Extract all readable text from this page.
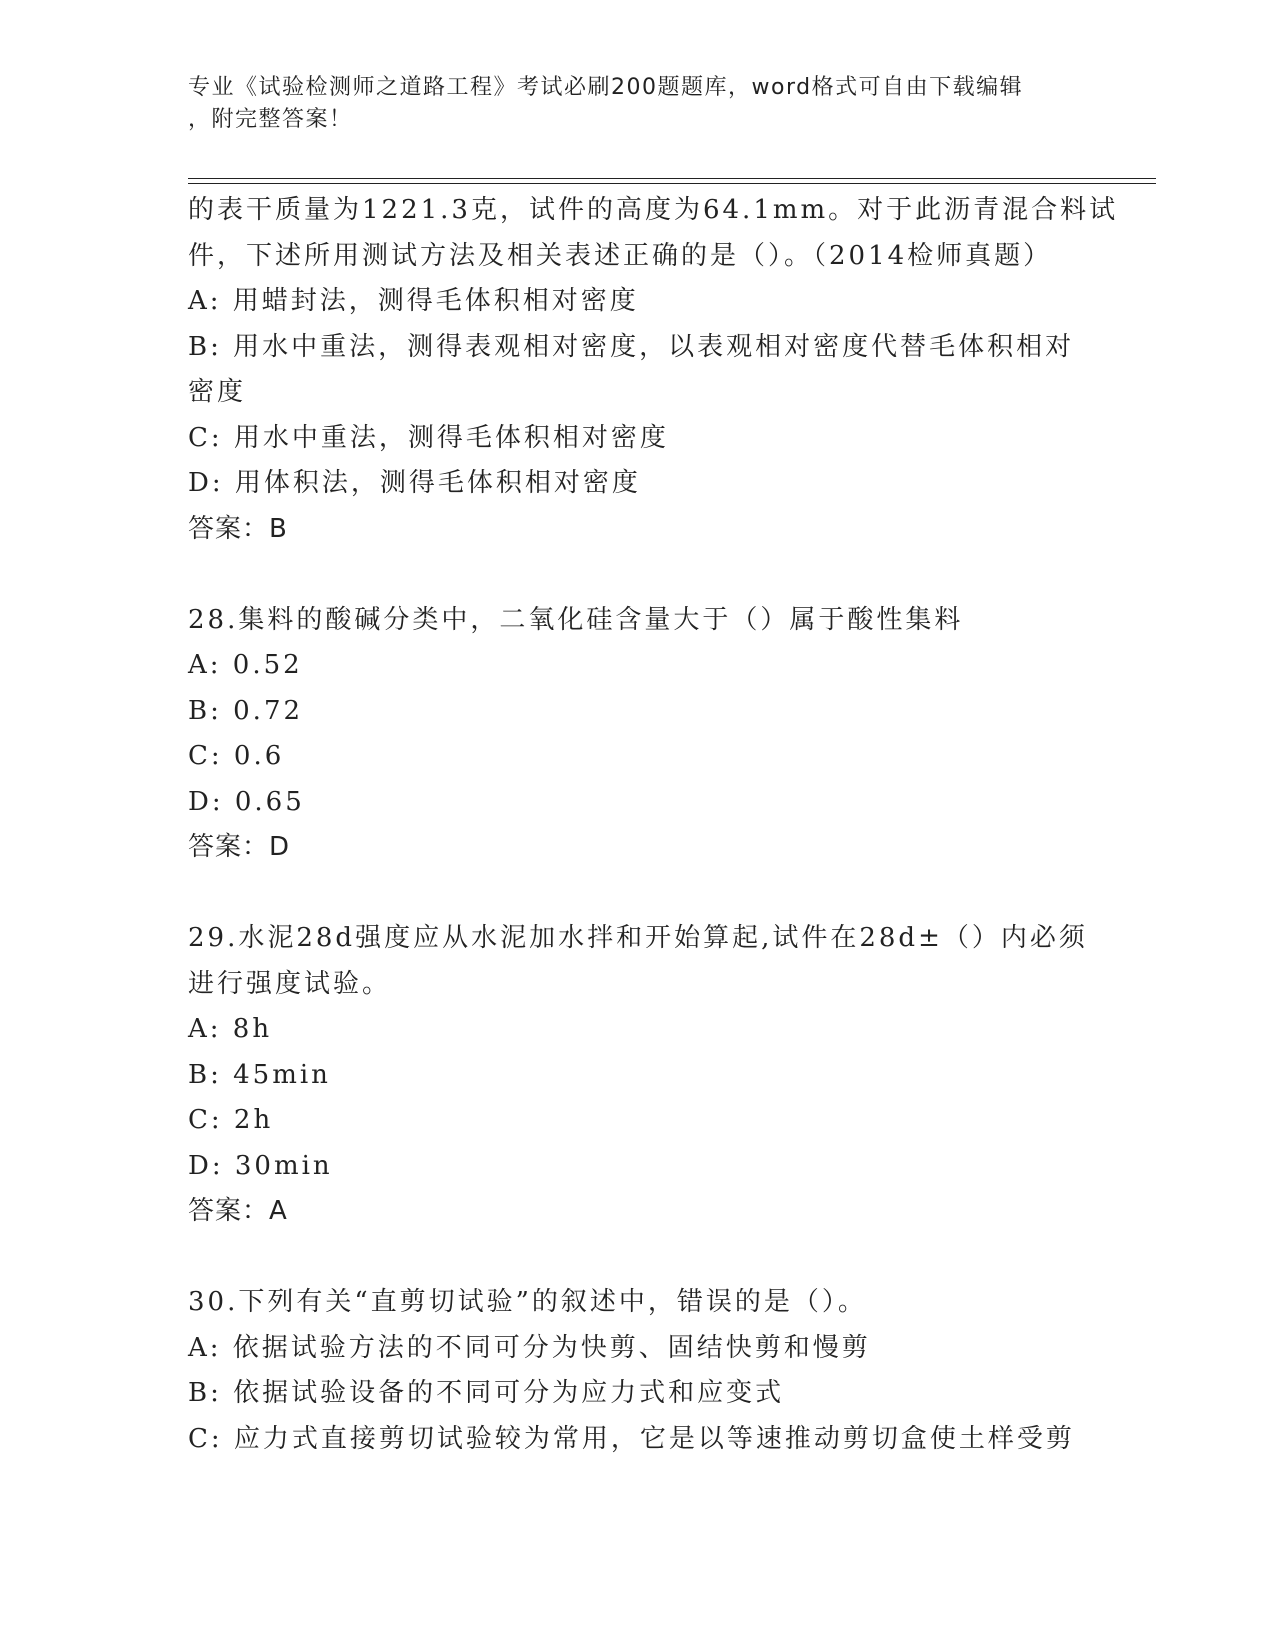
专业《试验检测师之道路工程》考试必刷200题题库，word格式可自由下载编辑
，附完整答案！
的表干质量为1221.3克，试件的高度为64.1mm。对于此沥青混合料试
件，下述所用测试方法及相关表述正确的是（）。（2014检师真题）
A: 用蜡封法，测得毛体积相对密度
B: 用水中重法，测得表观相对密度，以表观相对密度代替毛体积相对
密度
C: 用水中重法，测得毛体积相对密度
D: 用体积法，测得毛体积相对密度
答案：B
28.集料的酸碱分类中，二氧化硅含量大于（）属于酸性集料
A: 0.52
B: 0.72
C: 0.6
D: 0.65
答案：D
29.水泥28d强度应从水泥加水拌和开始算起,试件在28d±（）内必须
进行强度试验。
A: 8h
B: 45min
C: 2h
D: 30min
答案：A
30.下列有关“直剪切试验”的叙述中，错误的是（）。
A: 依据试验方法的不同可分为快剪、固结快剪和慢剪
B: 依据试验设备的不同可分为应力式和应变式
C: 应力式直接剪切试验较为常用，它是以等速推动剪切盒使土样受剪
